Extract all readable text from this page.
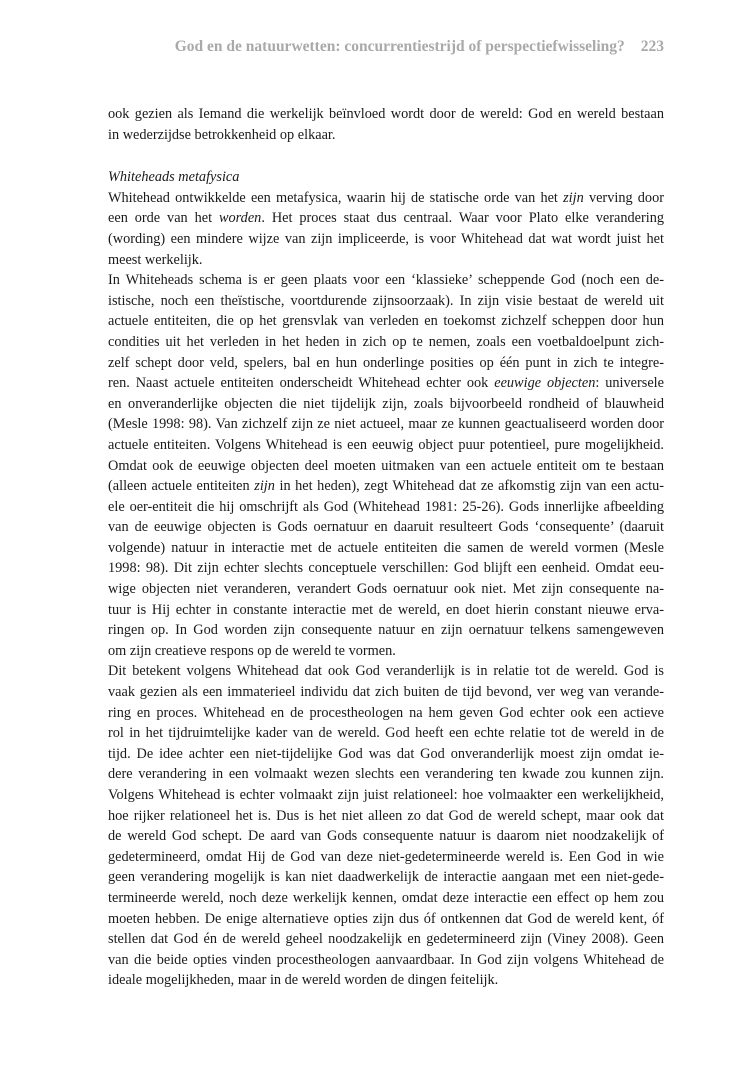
God en de natuurwetten: concurrentiestrijd of perspectiefwisseling? 223

ook gezien als Iemand die werkelijk beïnvloed wordt door de wereld: God en wereld bestaan
in wederzijdse betrokkenheid op elkaar.

Whiteheads metafysica

Whitehead ontwikkelde een metafysica, waarin hij de statische orde van het zijn verving door
een orde van het worden. Het proces staat dus centraal. Waar voor Plato elke verandering
(wording) een mindere wijze van zijn impliceerde, is voor Whitehead dat wat wordt juist het
meest werkelijk.

In Whiteheads schema is er geen plaats voor een ‘klassieke’ scheppende God (noch een de-
istische, noch een theïstische, voortdurende zijnsoorzaak). In zijn visie bestaat de wereld uit
actuele entiteiten, die op het grensvlak van verleden en toekomst zichzelf scheppen door hun
condities uit het verleden in het heden in zich op te nemen, zoals een voetbaldoelpunt zich-
zelf schept door veld, spelers, bal en hun onderlinge posities op één punt in zich te integre-
ren. Naast actuele entiteiten onderscheidt Whitehead echter ook eeuwige objecten: universele
en onveranderlijke objecten die niet tijdelijk zijn, zoals bijvoorbeeld rondheid of blauwheid
(Mesle 1998: 98). Van zichzelf zijn ze niet actueel, maar ze kunnen geactualiseerd worden door
actuele entiteiten. Volgens Whitehead is een eeuwig object puur potentieel, pure mogelijkheid.
Omdat ook de eeuwige objecten deel moeten uitmaken van een actuele entiteit om te bestaan
(alleen actuele entiteiten zijn in het heden), zegt Whitehead dat ze afkomstig zijn van een actu-
ele oer-entiteit die hij omschrijft als God (Whitehead 1981: 25-26). Gods innerlijke afbeelding
van de eeuwige objecten is Gods oernatuur en daaruit resulteert Gods ‘consequente’ (daaruit
volgende) natuur in interactie met de actuele entiteiten die samen de wereld vormen (Mesle
1998: 98). Dit zijn echter slechts conceptuele verschillen: God blijft een eenheid. Omdat eeu-
wige objecten niet veranderen, verandert Gods oernatuur ook niet. Met zijn consequente na-
tuur is Hij echter in constante interactie met de wereld, en doet hierin constant nieuwe erva-
ringen op. In God worden zijn consequente natuur en zijn oernatuur telkens samengeweven
om zijn creatieve respons op de wereld te vormen.

Dit betekent volgens Whitehead dat ook God veranderlijk is in relatie tot de wereld. God is
vaak gezien als een immaterieel individu dat zich buiten de tijd bevond, ver weg van verande-
ring en proces. Whitehead en de procestheologen na hem geven God echter ook een actieve
rol in het tijdruimtelijke kader van de wereld. God heeft een echte relatie tot de wereld in de
tijd. De idee achter een niet-tijdelijke God was dat God onveranderlijk moest zijn omdat ie-
dere verandering in een volmaakt wezen slechts een verandering ten kwade zou kunnen zijn.
Volgens Whitehead is echter volmaakt zijn juist relationeel: hoe volmaakter een werkelijkheid,
hoe rijker relationeel het is. Dus is het niet alleen zo dat God de wereld schept, maar ook dat
de wereld God schept. De aard van Gods consequente natuur is daarom niet noodzakelijk of
gedetermineerd, omdat Hij de God van deze niet-gedetermineerde wereld is. Een God in wie
geen verandering mogelijk is kan niet daadwerkelijk de interactie aangaan met een niet-gede-
termineerde wereld, noch deze werkelijk kennen, omdat deze interactie een effect op hem zou
moeten hebben. De enige alternatieve opties zijn dus óf ontkennen dat God de wereld kent, óf
stellen dat God én de wereld geheel noodzakelijk en gedetermineerd zijn (Viney 2008). Geen
van die beide opties vinden procestheologen aanvaardbaar. In God zijn volgens Whitehead de
ideale mogelijkheden, maar in de wereld worden de dingen feitelijk.
